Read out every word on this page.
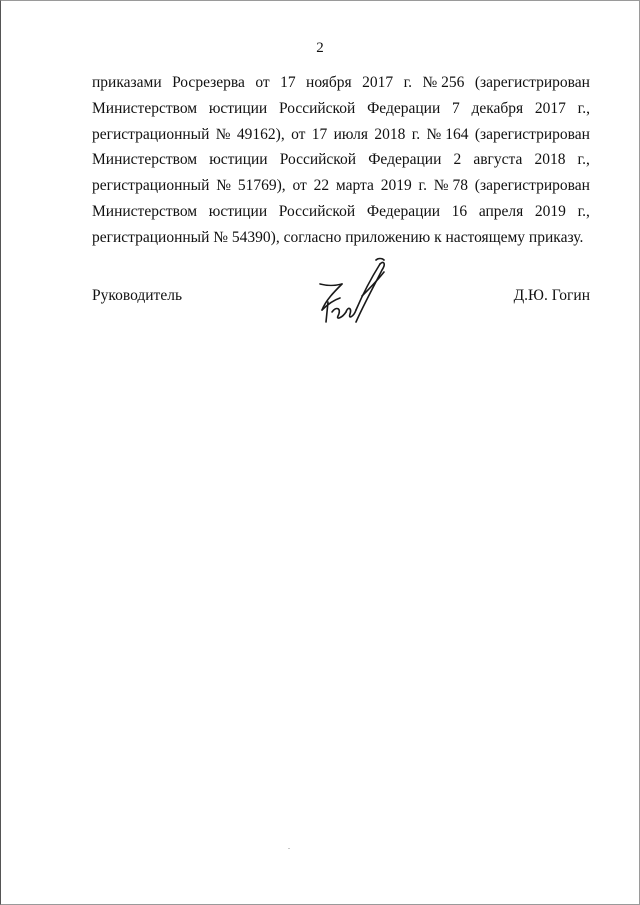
2
приказами Росрезерва от 17 ноября 2017 г. № 256 (зарегистрирован
Министерством юстиции Российской Федерации 7 декабря 2017 г.,
регистрационный № 49162), от 17 июля 2018 г. № 164 (зарегистрирован
Министерством юстиции Российской Федерации 2 августа 2018 г.,
регистрационный № 51769), от 22 марта 2019 г. № 78 (зарегистрирован
Министерством юстиции Российской Федерации 16 апреля 2019 г.,
регистрационный № 54390), согласно приложению к настоящему приказу.
Руководитель	Д.Ю. Гогин
